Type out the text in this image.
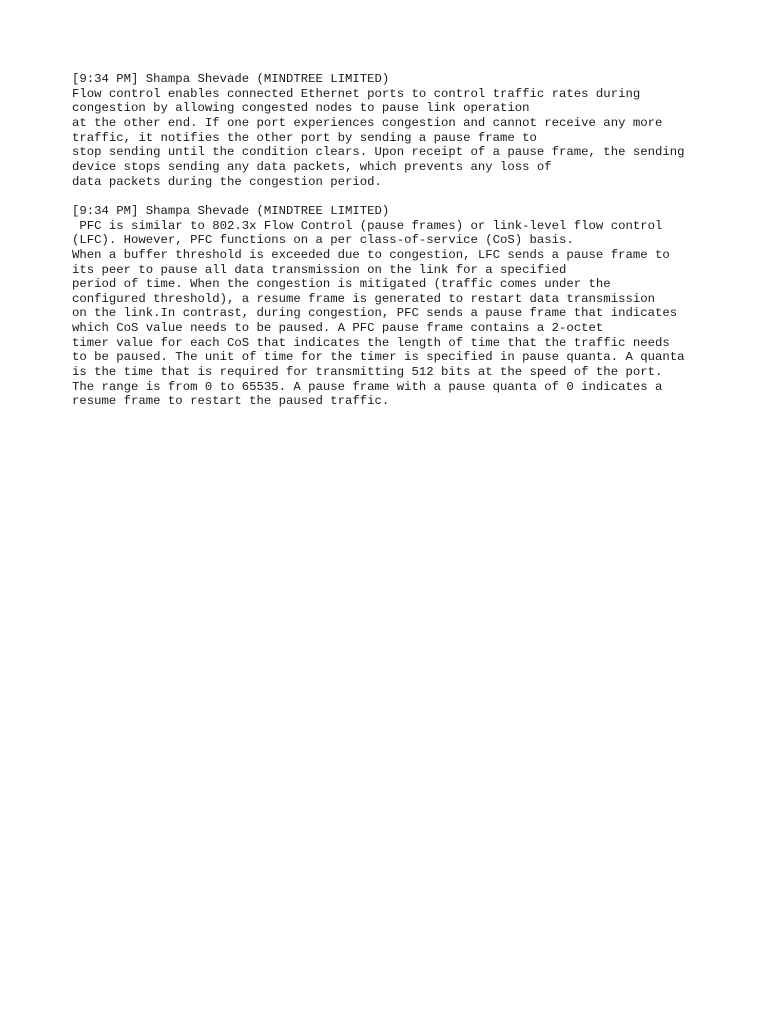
[9:34 PM] Shampa Shevade (MINDTREE LIMITED)
Flow control enables connected Ethernet ports to control traffic rates during
congestion by allowing congested nodes to pause link operation
at the other end. If one port experiences congestion and cannot receive any more
traffic, it notifies the other port by sending a pause frame to
stop sending until the condition clears. Upon receipt of a pause frame, the sending
device stops sending any data packets, which prevents any loss of
data packets during the congestion period.
[9:34 PM] Shampa Shevade (MINDTREE LIMITED)
PFC is similar to 802.3x Flow Control (pause frames) or link-level flow control
(LFC). However, PFC functions on a per class-of-service (CoS) basis.
When a buffer threshold is exceeded due to congestion, LFC sends a pause frame to
its peer to pause all data transmission on the link for a specified
period of time. When the congestion is mitigated (traffic comes under the
configured threshold), a resume frame is generated to restart data transmission
on the link.In contrast, during congestion, PFC sends a pause frame that indicates
which CoS value needs to be paused. A PFC pause frame contains a 2-octet
timer value for each CoS that indicates the length of time that the traffic needs
to be paused. The unit of time for the timer is specified in pause quanta. A quanta
is the time that is required for transmitting 512 bits at the speed of the port.
The range is from 0 to 65535. A pause frame with a pause quanta of 0 indicates a
resume frame to restart the paused traffic.
